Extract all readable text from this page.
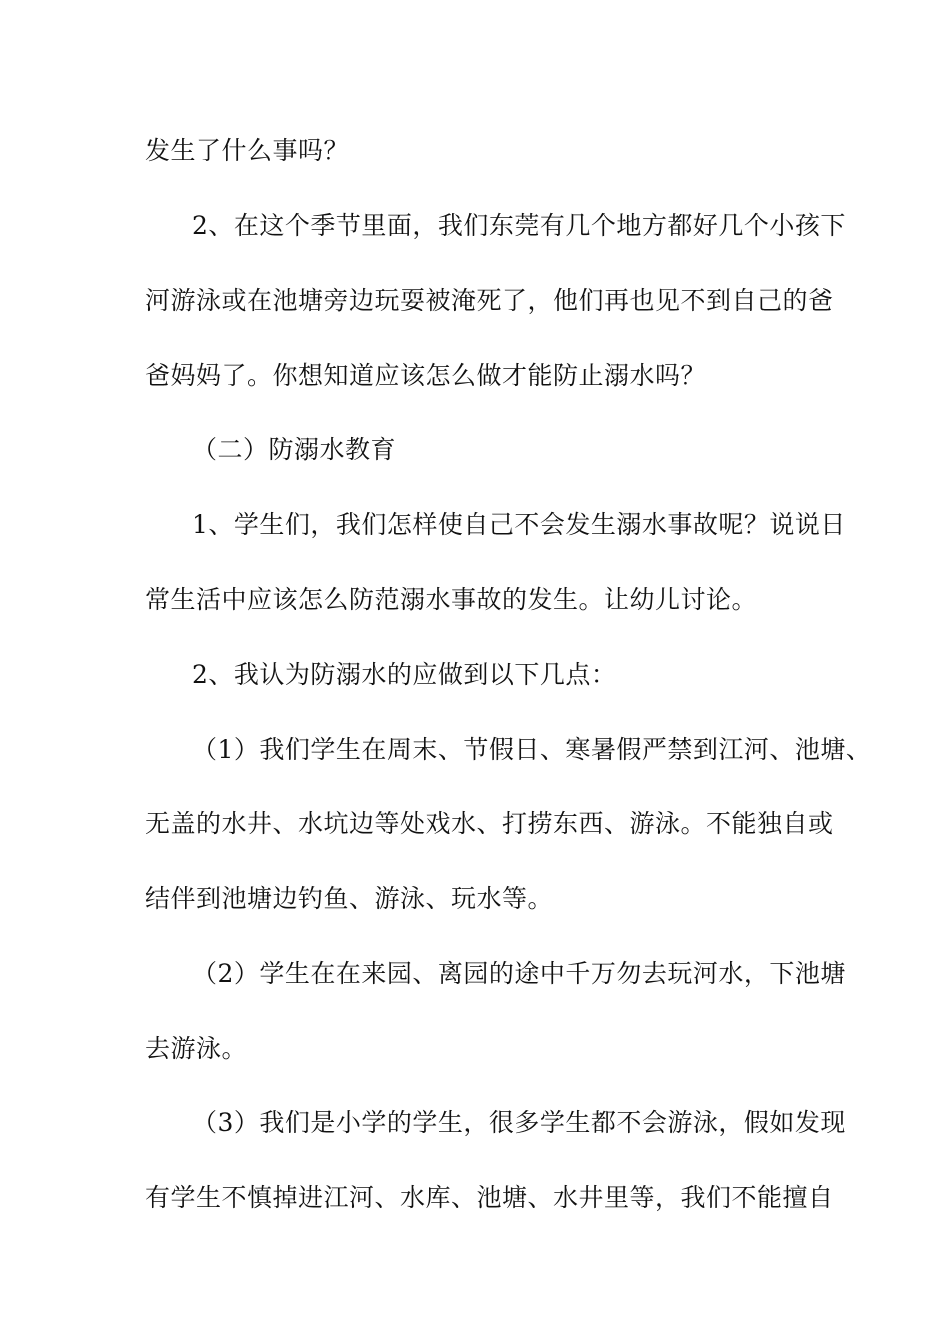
发生了什么事吗？
2、在这个季节里面，我们东莞有几个地方都好几个小孩下
河游泳或在池塘旁边玩耍被淹死了，他们再也见不到自己的爸
爸妈妈了。你想知道应该怎么做才能防止溺水吗？
（二）防溺水教育
1、学生们，我们怎样使自己不会发生溺水事故呢？说说日
常生活中应该怎么防范溺水事故的发生。让幼儿讨论。
2、我认为防溺水的应做到以下几点：
（1）我们学生在周末、节假日、寒暑假严禁到江河、池塘、
无盖的水井、水坑边等处戏水、打捞东西、游泳。不能独自或
结伴到池塘边钓鱼、游泳、玩水等。
（2）学生在在来园、离园的途中千万勿去玩河水，下池塘
去游泳。
（3）我们是小学的学生，很多学生都不会游泳，假如发现
有学生不慎掉进江河、水库、池塘、水井里等，我们不能擅自
